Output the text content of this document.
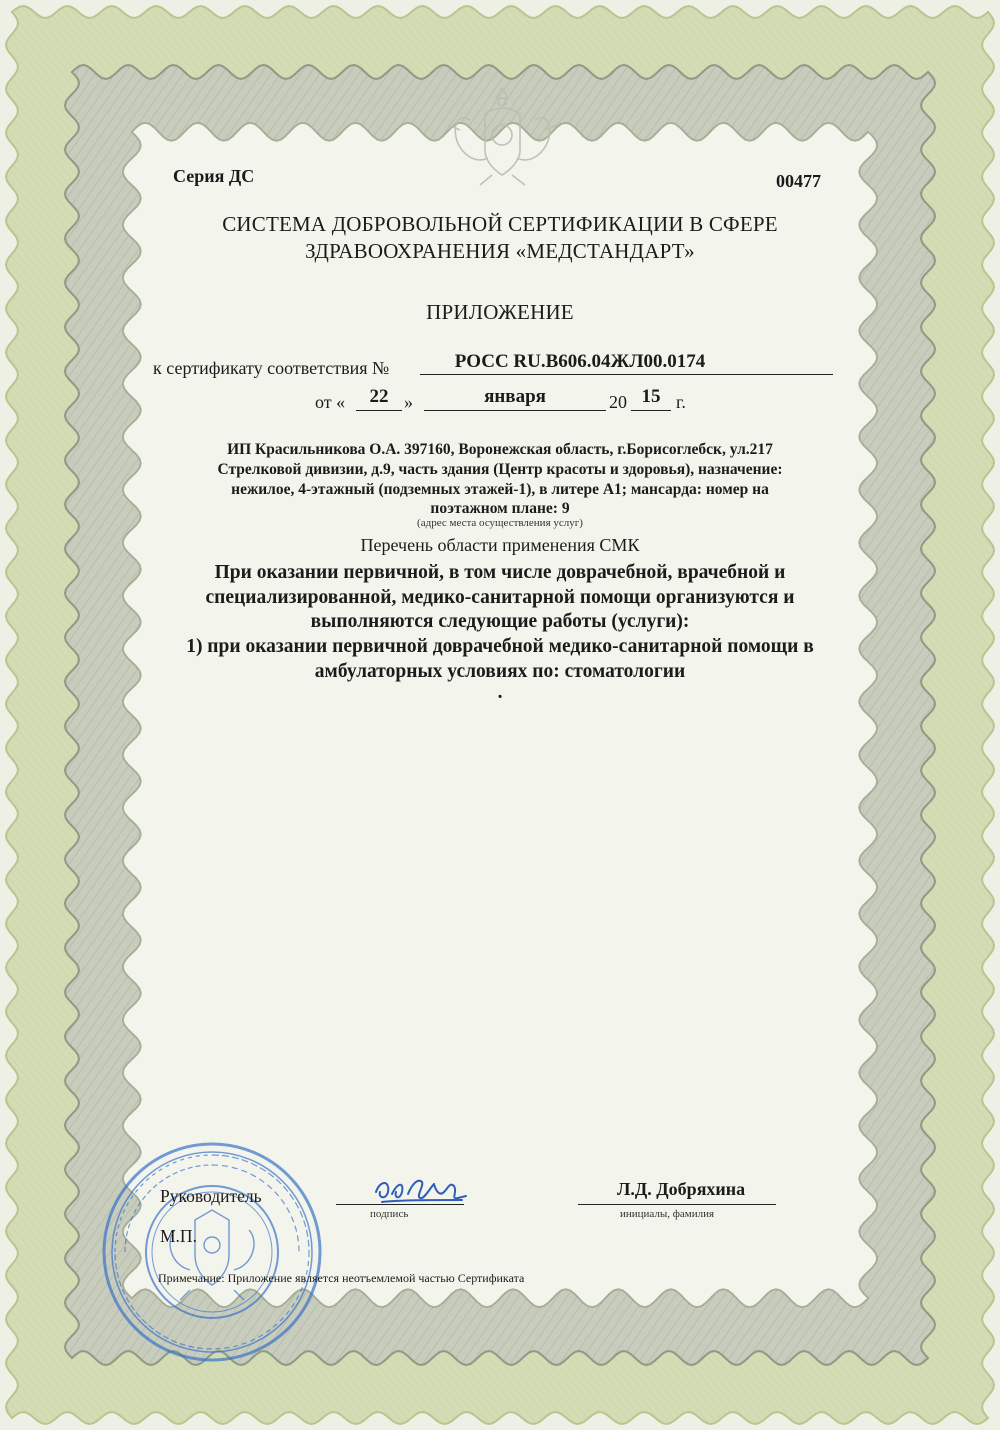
Серия ДС	00477
СИСТЕМА ДОБРОВОЛЬНОЙ СЕРТИФИКАЦИИ В СФЕРЕ
ЗДРАВООХРАНЕНИЯ «МЕДСТАНДАРТ»
ПРИЛОЖЕНИЕ
к сертификату соответствия №	РОСС RU.В606.04ЖЛ00.0174
от «	22 »	января	20 15 г.
ИП Красильникова О.А. 397160, Воронежская область, г.Борисоглебск, ул.217
Стрелковой дивизии, д.9, часть здания (Центр красоты и здоровья), назначение:
нежилое, 4-этажный (подземных этажей-1), в литере А1; мансарда: номер на
поэтажном плане: 9
(адрес места осуществления услуг)
Перечень области применения СМК
При оказании первичной, в том числе доврачебной, врачебной и
специализированной, медико-санитарной помощи организуются и
выполняются следующие работы (услуги):
1) при оказании первичной доврачебной медико-санитарной помощи в
амбулаторных условиях по: стоматологии
.
Руководитель
подпись
Л.Д. Добряхина
инициалы, фамилия
М.П.
Примечание: Приложение является неотъемлемой частью Сертификата
